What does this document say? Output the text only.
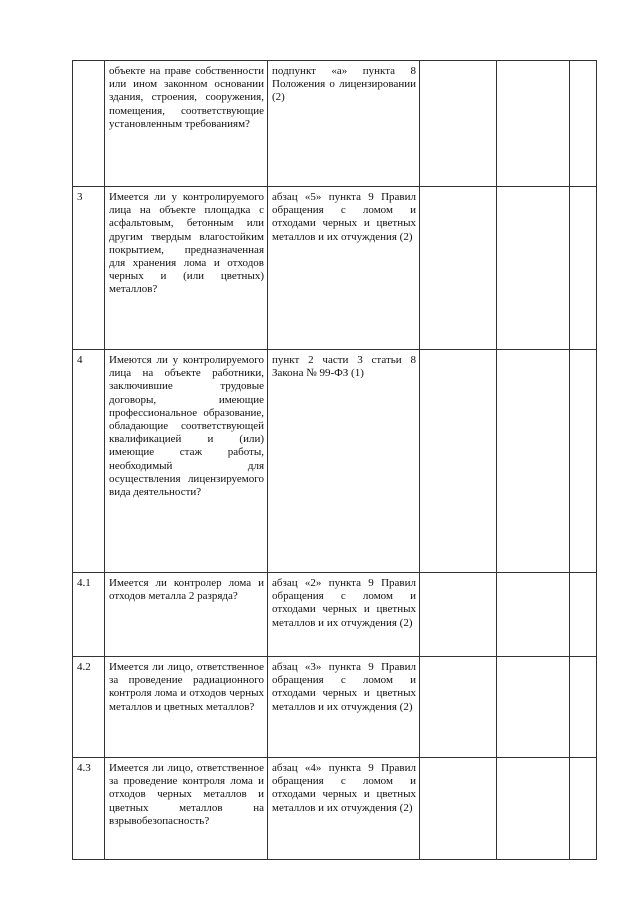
	объекте на праве собственности или ином законном основании здания, строения, сооружения, помещения, соответствующие установленным требованиям?	подпункт «а» пункта 8 Положения о лицензировании (2)			

3	Имеется ли у контролируемого лица на объекте площадка с асфальтовым, бетонным или другим твердым влагостойким покрытием, предназначенная для хранения лома и отходов черных и (или цветных) металлов?	абзац «5» пункта 9 Правил обращения с ломом и отходами черных и цветных металлов и их отчуждения (2)			

4	Имеются ли у контролируемого лица на объекте работники, заключившие трудовые договоры, имеющие профессиональное образование, обладающие соответствующей квалификацией и (или) имеющие стаж работы, необходимый для осуществления лицензируемого вида деятельности?	пункт 2 части 3 статьи 8 Закона № 99-ФЗ (1)			

4.1	Имеется ли контролер лома и отходов металла 2 разряда?	абзац «2» пункта 9 Правил обращения с ломом и отходами черных и цветных металлов и их отчуждения (2)			

4.2	Имеется ли лицо, ответственное за проведение радиационного контроля лома и отходов черных металлов и цветных металлов?	абзац «3» пункта 9 Правил обращения с ломом и отходами черных и цветных металлов и их отчуждения (2)			

4.3	Имеется ли лицо, ответственное за проведение контроля лома и отходов черных металлов и цветных металлов на взрывобезопасность?	абзац «4» пункта 9 Правил обращения с ломом и отходами черных и цветных металлов и их отчуждения (2)			
